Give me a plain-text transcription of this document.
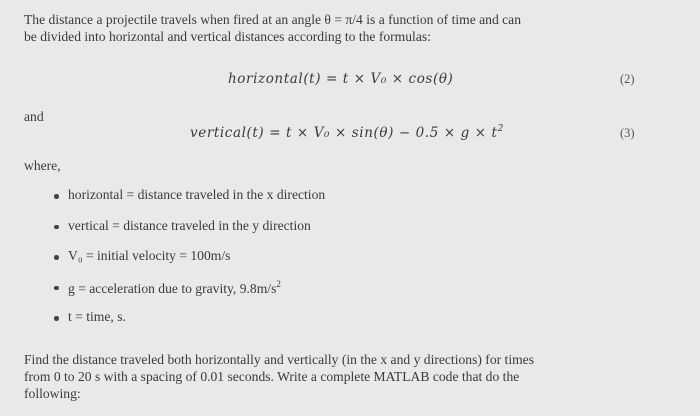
The distance a projectile travels when fired at an angle θ = π/4 is a function of time and can
be divided into horizontal and vertical distances according to the formulas:
horizontal(t) = t × V₀ × cos(θ)	(2)
and
vertical(t) = $t \times V_0 \times \sin(\theta) - 0.5 \times g \times t^2$	(3)
where,
horizontal = distance traveled in the x direction
vertical = distance traveled in the y direction
V₀ = initial velocity = 100m/s
g = acceleration due to gravity, $9.8m/s^2$
t = time, s.
Find the distance traveled both horizontally and vertically (in the x and y directions) for times
from 0 to 20 s with a spacing of 0.01 seconds. Write a complete MATLAB code that do the
following:
